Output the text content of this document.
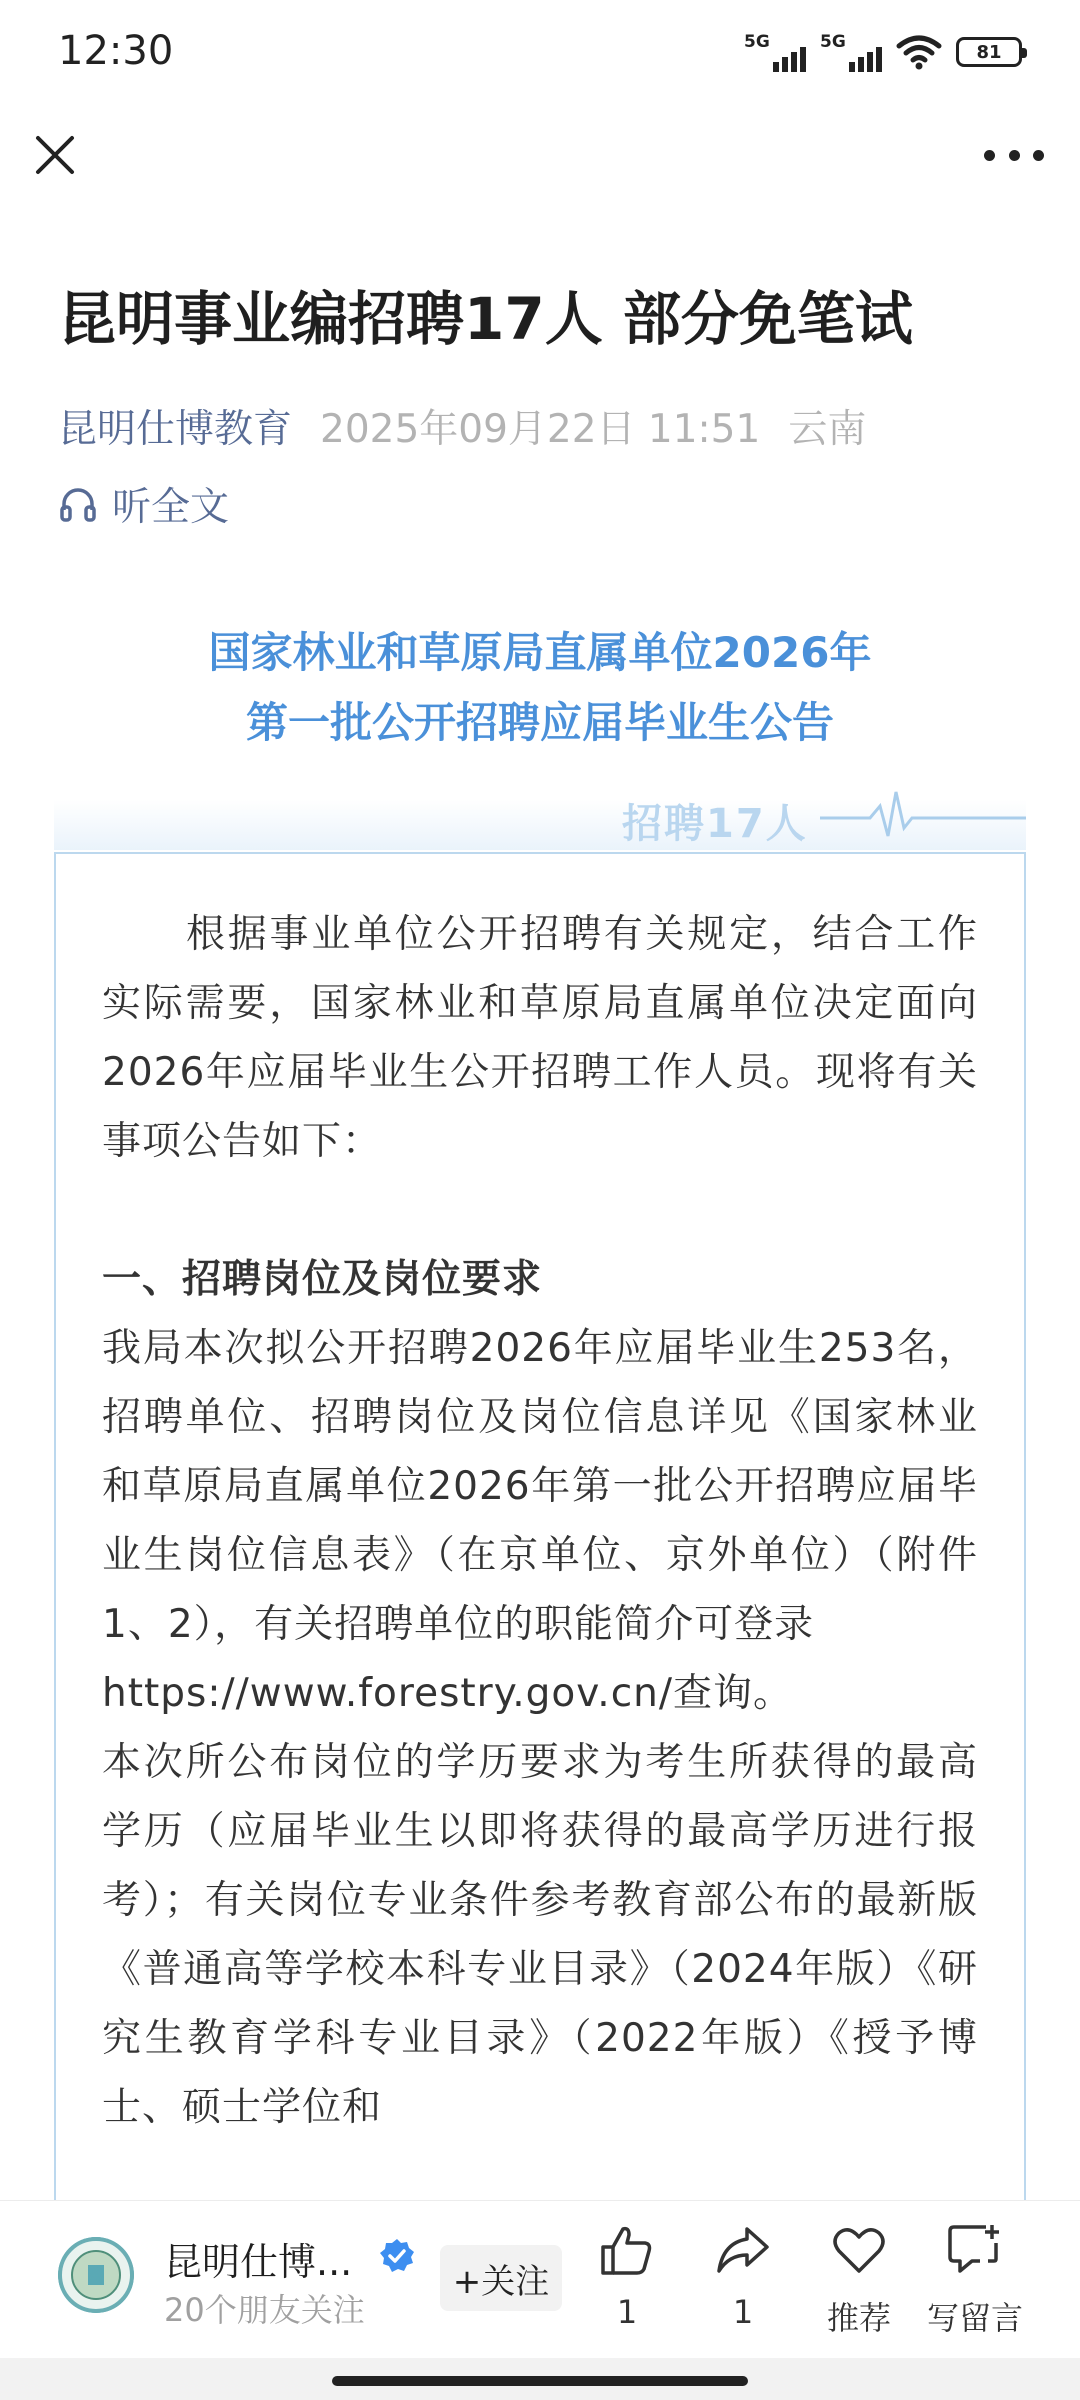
12:30	5G	5G	81
昆明事业编招聘17人 部分免笔试
昆明仕博教育 2025年09月22日 11:51 云南
听全文
国家林业和草原局直属单位2026年
第一批公开招聘应届毕业生公告
招聘17人

根据事业单位公开招聘有关规定，结合工作实际需要，国家林业和草原局直属单位决定面向2026年应届毕业生公开招聘工作人员。现将有关事项公告如下：

一、招聘岗位及岗位要求

我局本次拟公开招聘2026年应届毕业生253名，招聘单位、招聘岗位及岗位信息详见《国家林业和草原局直属单位2026年第一批公开招聘应届毕业生岗位信息表》（在京单位、京外单位）（附件1、2），有关招聘单位的职能简介可登录

https://www.forestry.gov.cn/查询。

本次所公布岗位的学历要求为考生所获得的最高学历（应届毕业生以即将获得的最高学历进行报考）；有关岗位专业条件参考教育部公布的最新版《普通高等学校本科专业目录》（2024年版）《研究生教育学科专业目录》（2022年版）《授予博士、硕士学位和

昆明仕博...
20个朋友关注
+关注
1	1	推荐	写留言
